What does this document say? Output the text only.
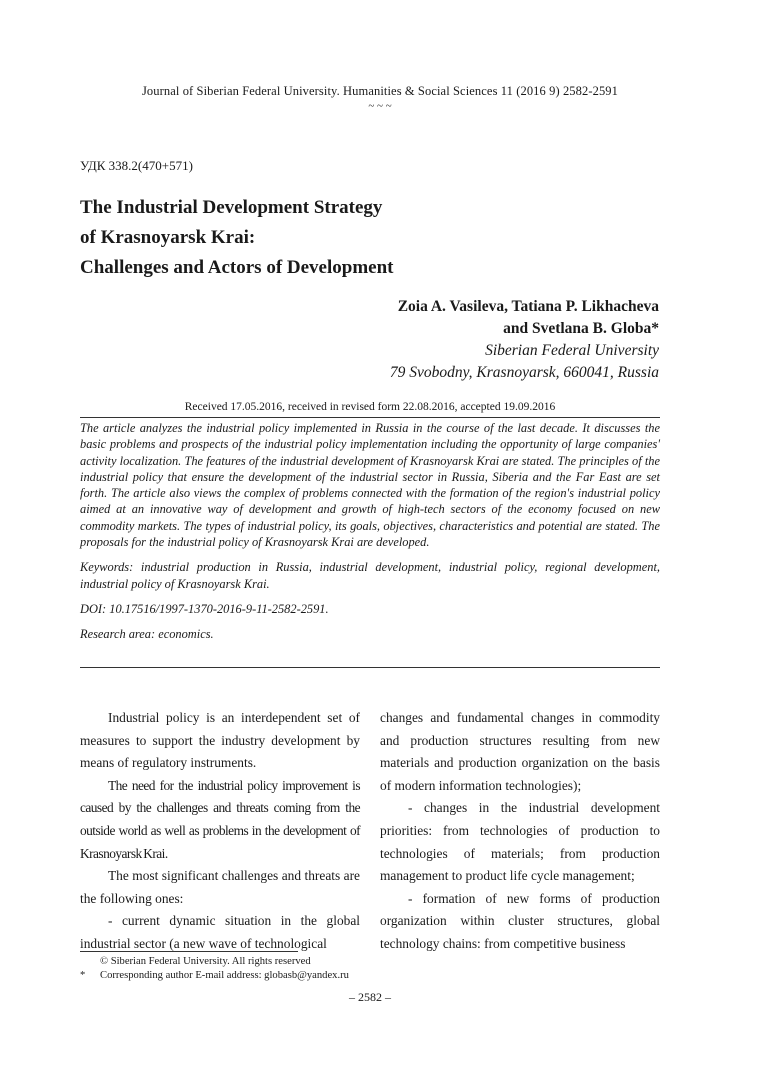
Journal of Siberian Federal University. Humanities & Social Sciences 11 (2016 9) 2582-2591
~ ~ ~
УДК 338.2(470+571)
The Industrial Development Strategy
of Krasnoyarsk Krai:
Challenges and Actors of Development
Zoia A. Vasileva, Tatiana P. Likhacheva
and Svetlana B. Globa*
Siberian Federal University
79 Svobodny, Krasnoyarsk, 660041, Russia
Received 17.05.2016, received in revised form 22.08.2016, accepted 19.09.2016

The article analyzes the industrial policy implemented in Russia in the course of the last decade. It discusses the basic problems and prospects of the industrial policy implementation including the opportunity of large companies' activity localization. The features of the industrial development of Krasnoyarsk Krai are stated. The principles of the industrial policy that ensure the development of the industrial sector in Russia, Siberia and the Far East are set forth. The article also views the complex of problems connected with the formation of the region's industrial policy aimed at an innovative way of development and growth of high-tech sectors of the economy focused on new commodity markets. The types of industrial policy, its goals, objectives, characteristics and potential are stated. The proposals for the industrial policy of Krasnoyarsk Krai are developed.

Keywords: industrial production in Russia, industrial development, industrial policy, regional development, industrial policy of Krasnoyarsk Krai.

DOI: 10.17516/1997-1370-2016-9-11-2582-2591.

Research area: economics.

Industrial policy is an interdependent set of measures to support the industry development by means of regulatory instruments.

The need for the industrial policy improvement is caused by the challenges and threats coming from the outside world as well as problems in the development of Krasnoyarsk Krai.

The most significant challenges and threats are the following ones:

- current dynamic situation in the global industrial sector (a new wave of technological

changes and fundamental changes in commodity and production structures resulting from new materials and production organization on the basis of modern information technologies);

- changes in the industrial development priorities: from technologies of production to technologies of materials; from production management to product life cycle management;

- formation of new forms of production organization within cluster structures, global technology chains: from competitive business

© Siberian Federal University. All rights reserved
* Corresponding author E-mail address: globasb@yandex.ru
– 2582 –
